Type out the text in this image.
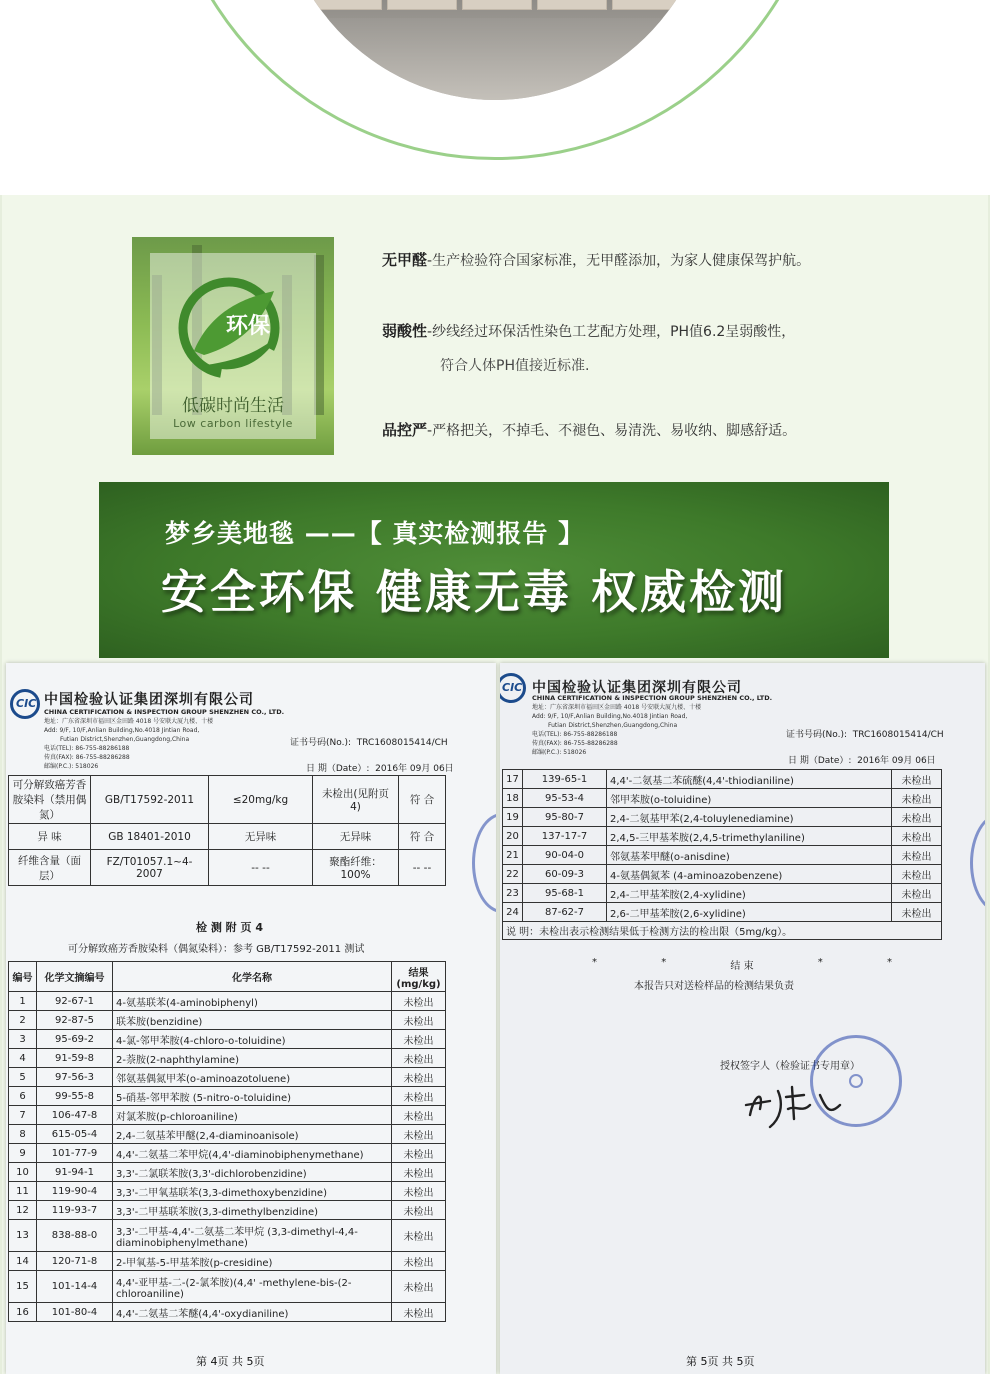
环保
低碳时尚生活
Low carbon lifestyle
无甲醛-生产检验符合国家标准，无甲醛添加，为家人健康保驾护航。
弱酸性-纱线经过环保活性染色工艺配方处理，PH值6.2呈弱酸性，
符合人体PH值接近标准.
品控严-严格把关，不掉毛、不褪色、易清洗、易收纳、脚感舒适。
梦乡美地毯 ——【 真实检测报告 】
安全环保 健康无毒 权威检测
CIC 中国检验认证集团深圳有限公司
CHINA CERTIFICATION & INSPECTION GROUP SHENZHEN CO., LTD.
地址：广东省深圳市福田区金田路 4018 号安联大厦九楼、十楼
Add: 9/F, 10/F,Anlian Building,No.4018 Jintian Road,
Futian District,Shenzhen,Guangdong,China
电话(TEL): 86-755-88286188
传真(FAX): 86-755-88286288
邮编(P.C.): 518026
证书号码(No.): TRC1608015414/CH
日 期（Date）: 2016年 09月 06日
可分解致癌芳香胺染料（禁用偶氮）	GB/T17592-2011	≤20mg/kg	未检出(见附页 4)	符 合
异 味	GB 18401-2010	无异味	无异味	符 合
纤维含量（面层）	FZ/T01057.1~4-2007	-- --	聚酯纤维：100%	-- --
检 测 附 页 4
可分解致癌芳香胺染料（偶氮染料）：参考 GB/T17592-2011 测试
编号	化学文摘编号	化学名称	结果(mg/kg)
1	92-67-1	4-氨基联苯(4-aminobiphenyl)	未检出
2	92-87-5	联苯胺(benzidine)	未检出
3	95-69-2	4-氯-邻甲苯胺(4-chloro-o-toluidine)	未检出
4	91-59-8	2-萘胺(2-naphthylamine)	未检出
5	97-56-3	邻氨基偶氮甲苯(o-aminoazotoluene)	未检出
6	99-55-8	5-硝基-邻甲苯胺 (5-nitro-o-toluidine)	未检出
7	106-47-8	对氯苯胺(p-chloroaniline)	未检出
8	615-05-4	2,4-二氨基苯甲醚(2,4-diaminoanisole)	未检出
9	101-77-9	4,4'-二氨基二苯甲烷(4,4'-diaminobiphenymethane)	未检出
10	91-94-1	3,3'-二氯联苯胺(3,3'-dichlorobenzidine)	未检出
11	119-90-4	3,3'-二甲氧基联苯(3,3-dimethoxybenzidine)	未检出
12	119-93-7	3,3'-二甲基联苯胺(3,3-dimethylbenzidine)	未检出
13	838-88-0	3,3'-二甲基-4,4'-二氨基二苯甲烷 (3,3-dimethyl-4,4-diaminobiphenylmethane)	未检出
14	120-71-8	2-甲氧基-5-甲基苯胺(p-cresidine)	未检出
15	101-14-4	4,4'-亚甲基-二-(2-氯苯胺)(4,4' -methylene-bis-(2-chloroaniline)	未检出
16	101-80-4	4,4'-二氨基二苯醚(4,4'-oxydianiline)	未检出
第 4页 共 5页
CIC 中国检验认证集团深圳有限公司
CHINA CERTIFICATION & INSPECTION GROUP SHENZHEN CO., LTD.
地址：广东省深圳市福田区金田路 4018 号安联大厦九楼、十楼
Add: 9/F, 10/F,Anlian Building,No.4018 Jintian Road,
Futian District,Shenzhen,Guangdong,China
电话(TEL): 86-755-88286188
传真(FAX): 86-755-88286288
邮编(P.C.): 518026
证书号码(No.): TRC1608015414/CH
日 期（Date）: 2016年 09月 06日
17	139-65-1	4,4'-二氨基二苯硫醚(4,4'-thiodianiline)	未检出
18	95-53-4	邻甲苯胺(o-toluidine)	未检出
19	95-80-7	2,4-二氨基甲苯(2,4-toluylenediamine)	未检出
20	137-17-7	2,4,5-三甲基苯胺(2,4,5-trimethylaniline)	未检出
21	90-04-0	邻氨基苯甲醚(o-anisdine)	未检出
22	60-09-3	4-氨基偶氮苯 (4-aminoazobenzene)	未检出
23	95-68-1	2,4-二甲基苯胺(2,4-xylidine)	未检出
24	87-62-7	2,6-二甲基苯胺(2,6-xylidine)	未检出
说 明：未检出表示检测结果低于检测方法的检出限（5mg/kg）。			
*	*	结 束	*	*
本报告只对送检样品的检测结果负责
授权签字人（检验证书专用章）
第 5页 共 5页
